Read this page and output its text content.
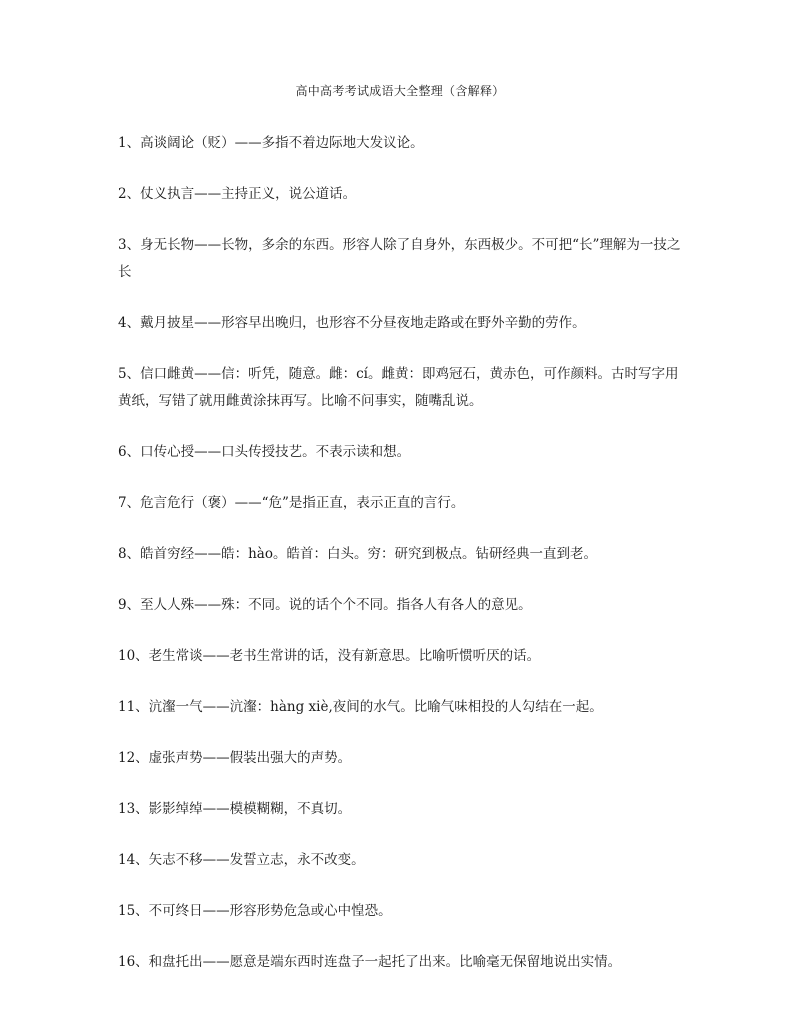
高中高考考试成语大全整理（含解释）

1、高谈阔论（贬）——多指不着边际地大发议论。

2、仗义执言——主持正义，说公道话。

3、身无长物——长物，多余的东西。形容人除了自身外，东西极少。不可把“长”理解为一技之长

4、戴月披星——形容早出晚归，也形容不分昼夜地走路或在野外辛勤的劳作。

5、信口雌黄——信：听凭，随意。雌：cí。雌黄：即鸡冠石，黄赤色，可作颜料。古时写字用黄纸，写错了就用雌黄涂抹再写。比喻不问事实，随嘴乱说。

6、口传心授——口头传授技艺。不表示读和想。

7、危言危行（褒）——“危”是指正直，表示正直的言行。

8、皓首穷经——皓：hào。皓首：白头。穷：研究到极点。钻研经典一直到老。

9、至人人殊——殊：不同。说的话个个不同。指各人有各人的意见。

10、老生常谈——老书生常讲的话，没有新意思。比喻听惯听厌的话。

11、沆瀣一气——沆瀣：hàng xiè,夜间的水气。比喻气味相投的人勾结在一起。

12、虚张声势——假装出强大的声势。

13、影影绰绰——模模糊糊，不真切。

14、矢志不移——发誓立志，永不改变。

15、不可终日——形容形势危急或心中惶恐。

16、和盘托出——愿意是端东西时连盘子一起托了出来。比喻毫无保留地说出实情。
